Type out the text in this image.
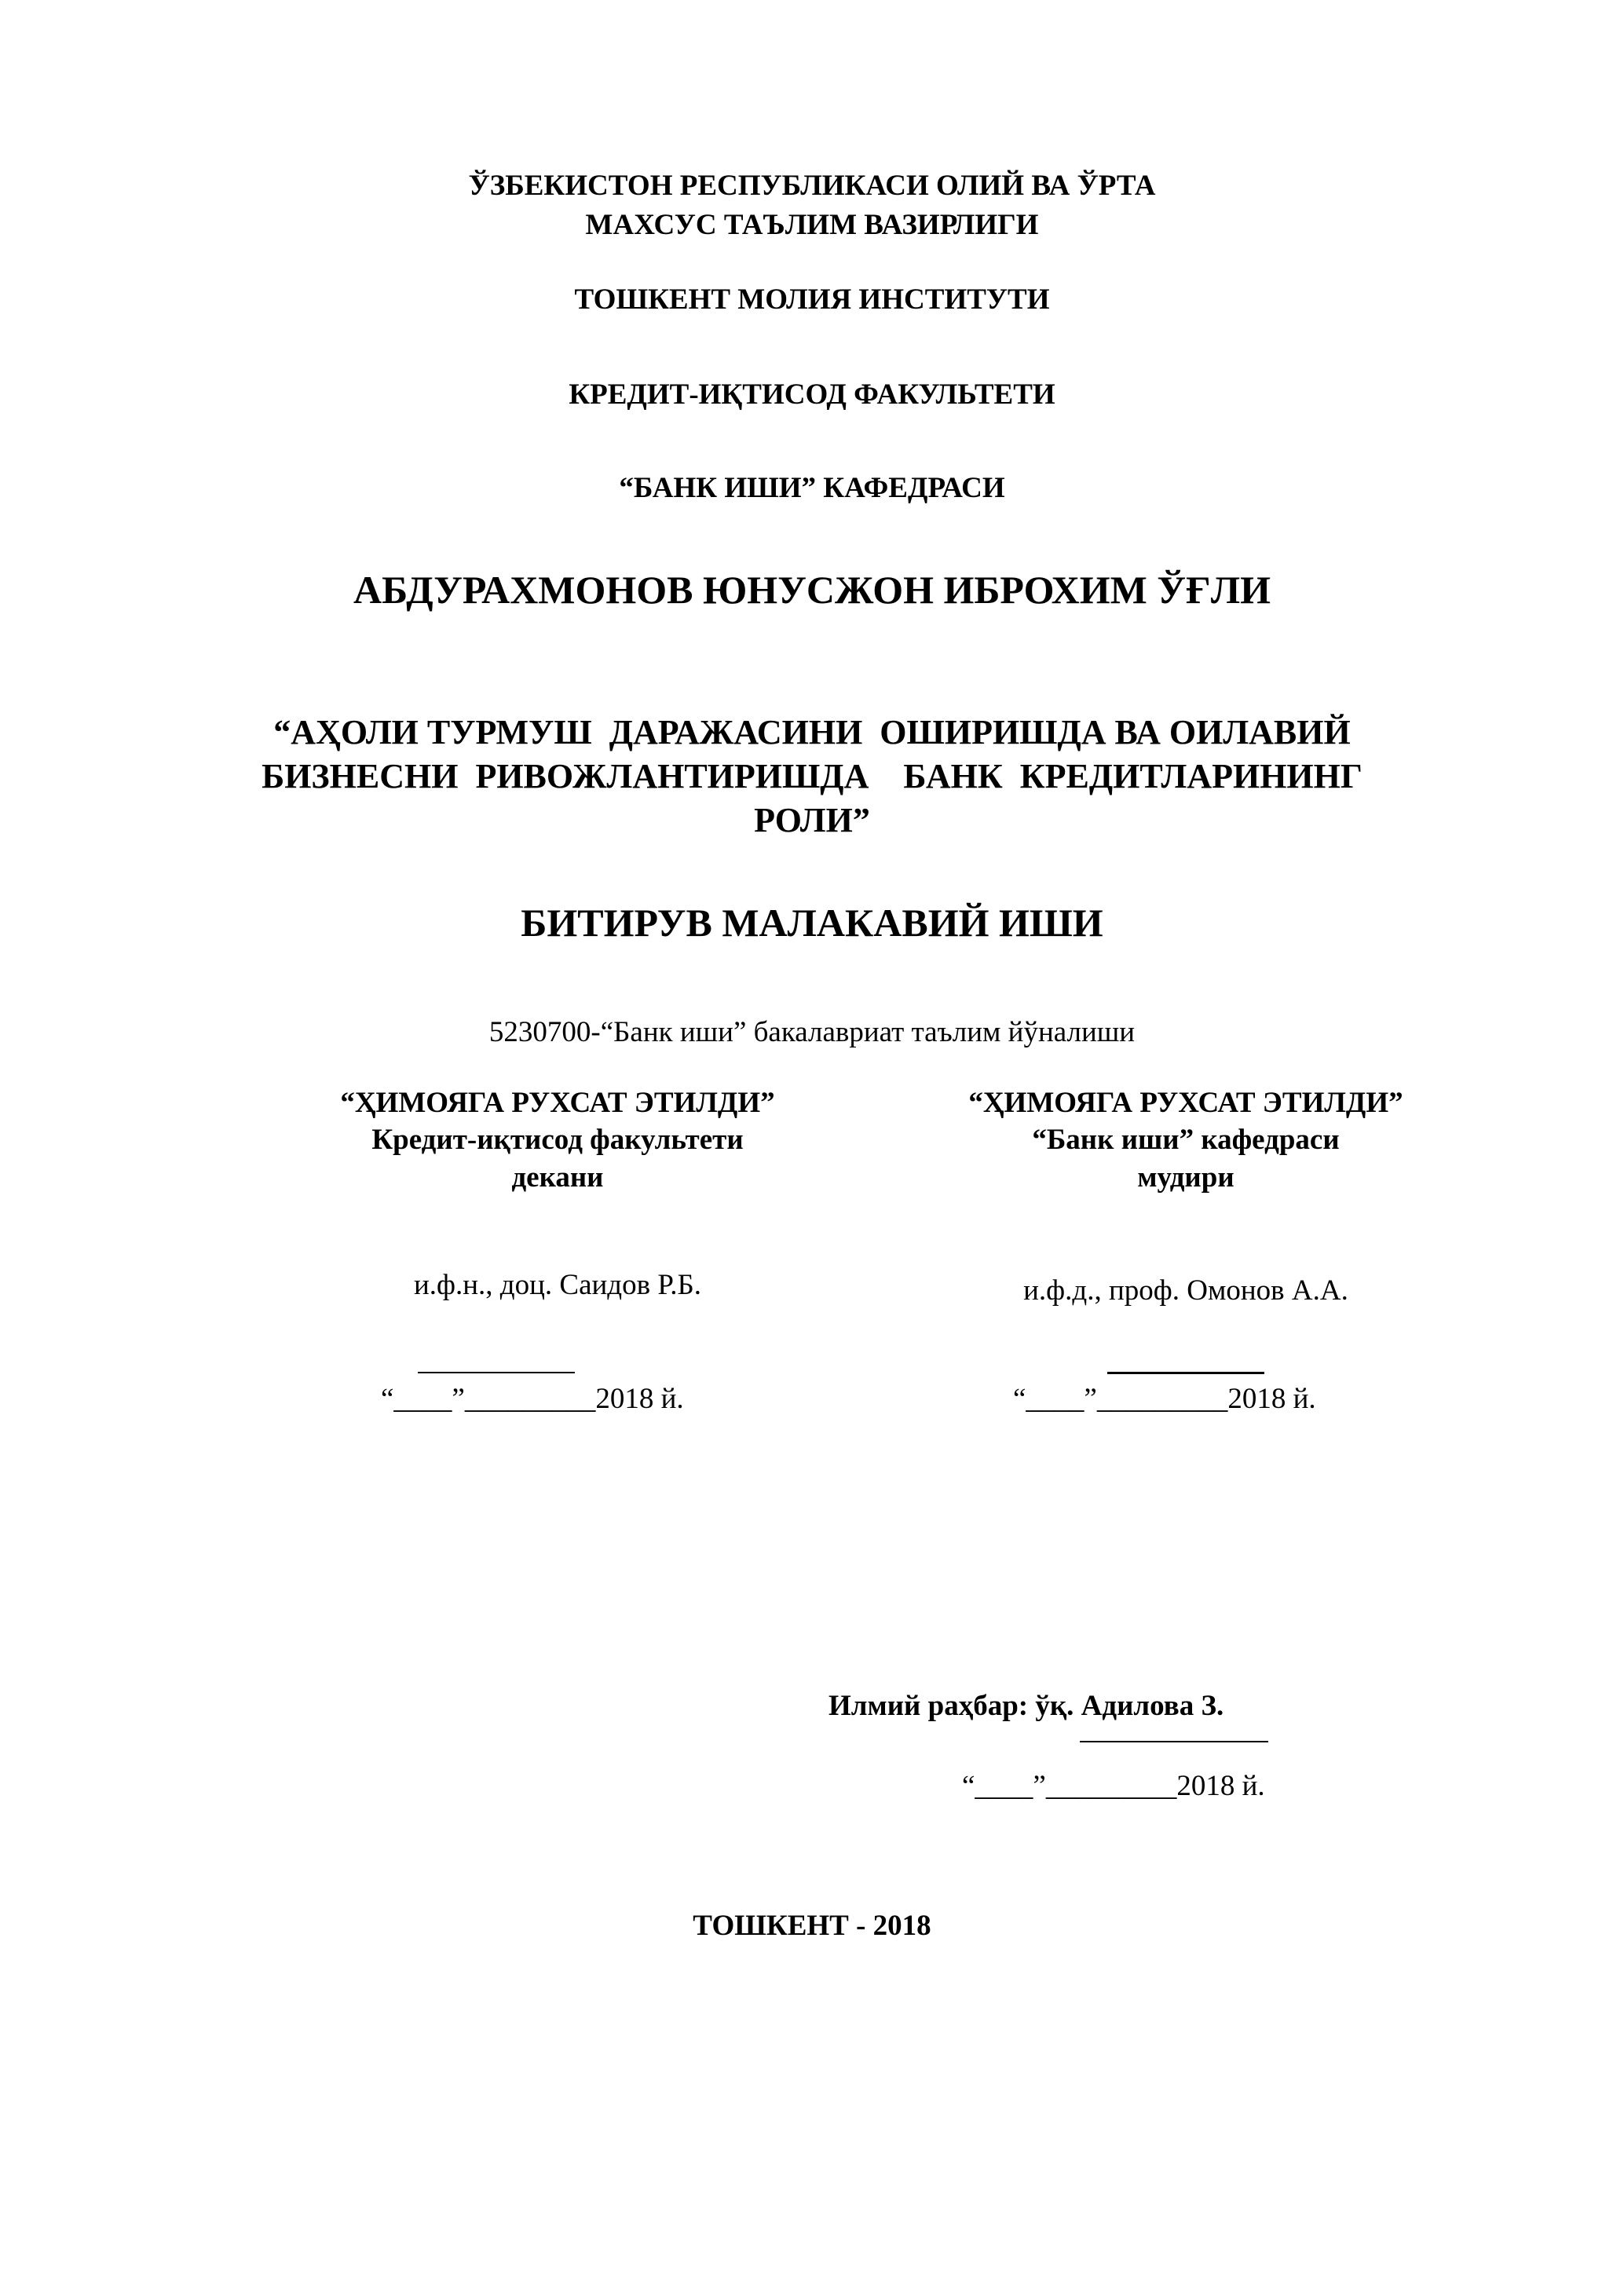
ЎЗБЕКИСТОН РЕСПУБЛИКАСИ ОЛИЙ ВА ЎРТА
МАХСУС ТАЪЛИМ ВАЗИРЛИГИ
ТОШКЕНТ МОЛИЯ ИНСТИТУТИ
КРЕДИТ-ИҚТИСОД ФАКУЛЬТЕТИ
“БАНК ИШИ” КАФЕДРАСИ
АБДУРАХМОНОВ ЮНУСЖОН ИБРОХИМ ЎҒЛИ
“АҲОЛИ ТУРМУШ  ДАРАЖАСИНИ  ОШИРИШДА ВА ОИЛАВИЙ
БИЗНЕСНИ  РИВОЖЛАНТИРИШДА    БАНК  КРЕДИТЛАРИНИНГ
РОЛИ”
БИТИРУВ МАЛАКАВИЙ ИШИ
5230700-“Банк иши” бакалавриат таълим йўналиши
“ҲИМОЯГА РУХСАТ ЭТИЛДИ”
Кредит-иқтисод факультети
декани
и.ф.н., доц. Саидов Р.Б.
“____”_________2018 й.
“ҲИМОЯГА РУХСАТ ЭТИЛДИ”
“Банк иши” кафедраси
мудири
и.ф.д., проф. Омонов А.А.
“____”_________2018 й.
Илмий раҳбар: ўқ. Адилова З.
“____”_________2018 й.
ТОШКЕНТ - 2018
